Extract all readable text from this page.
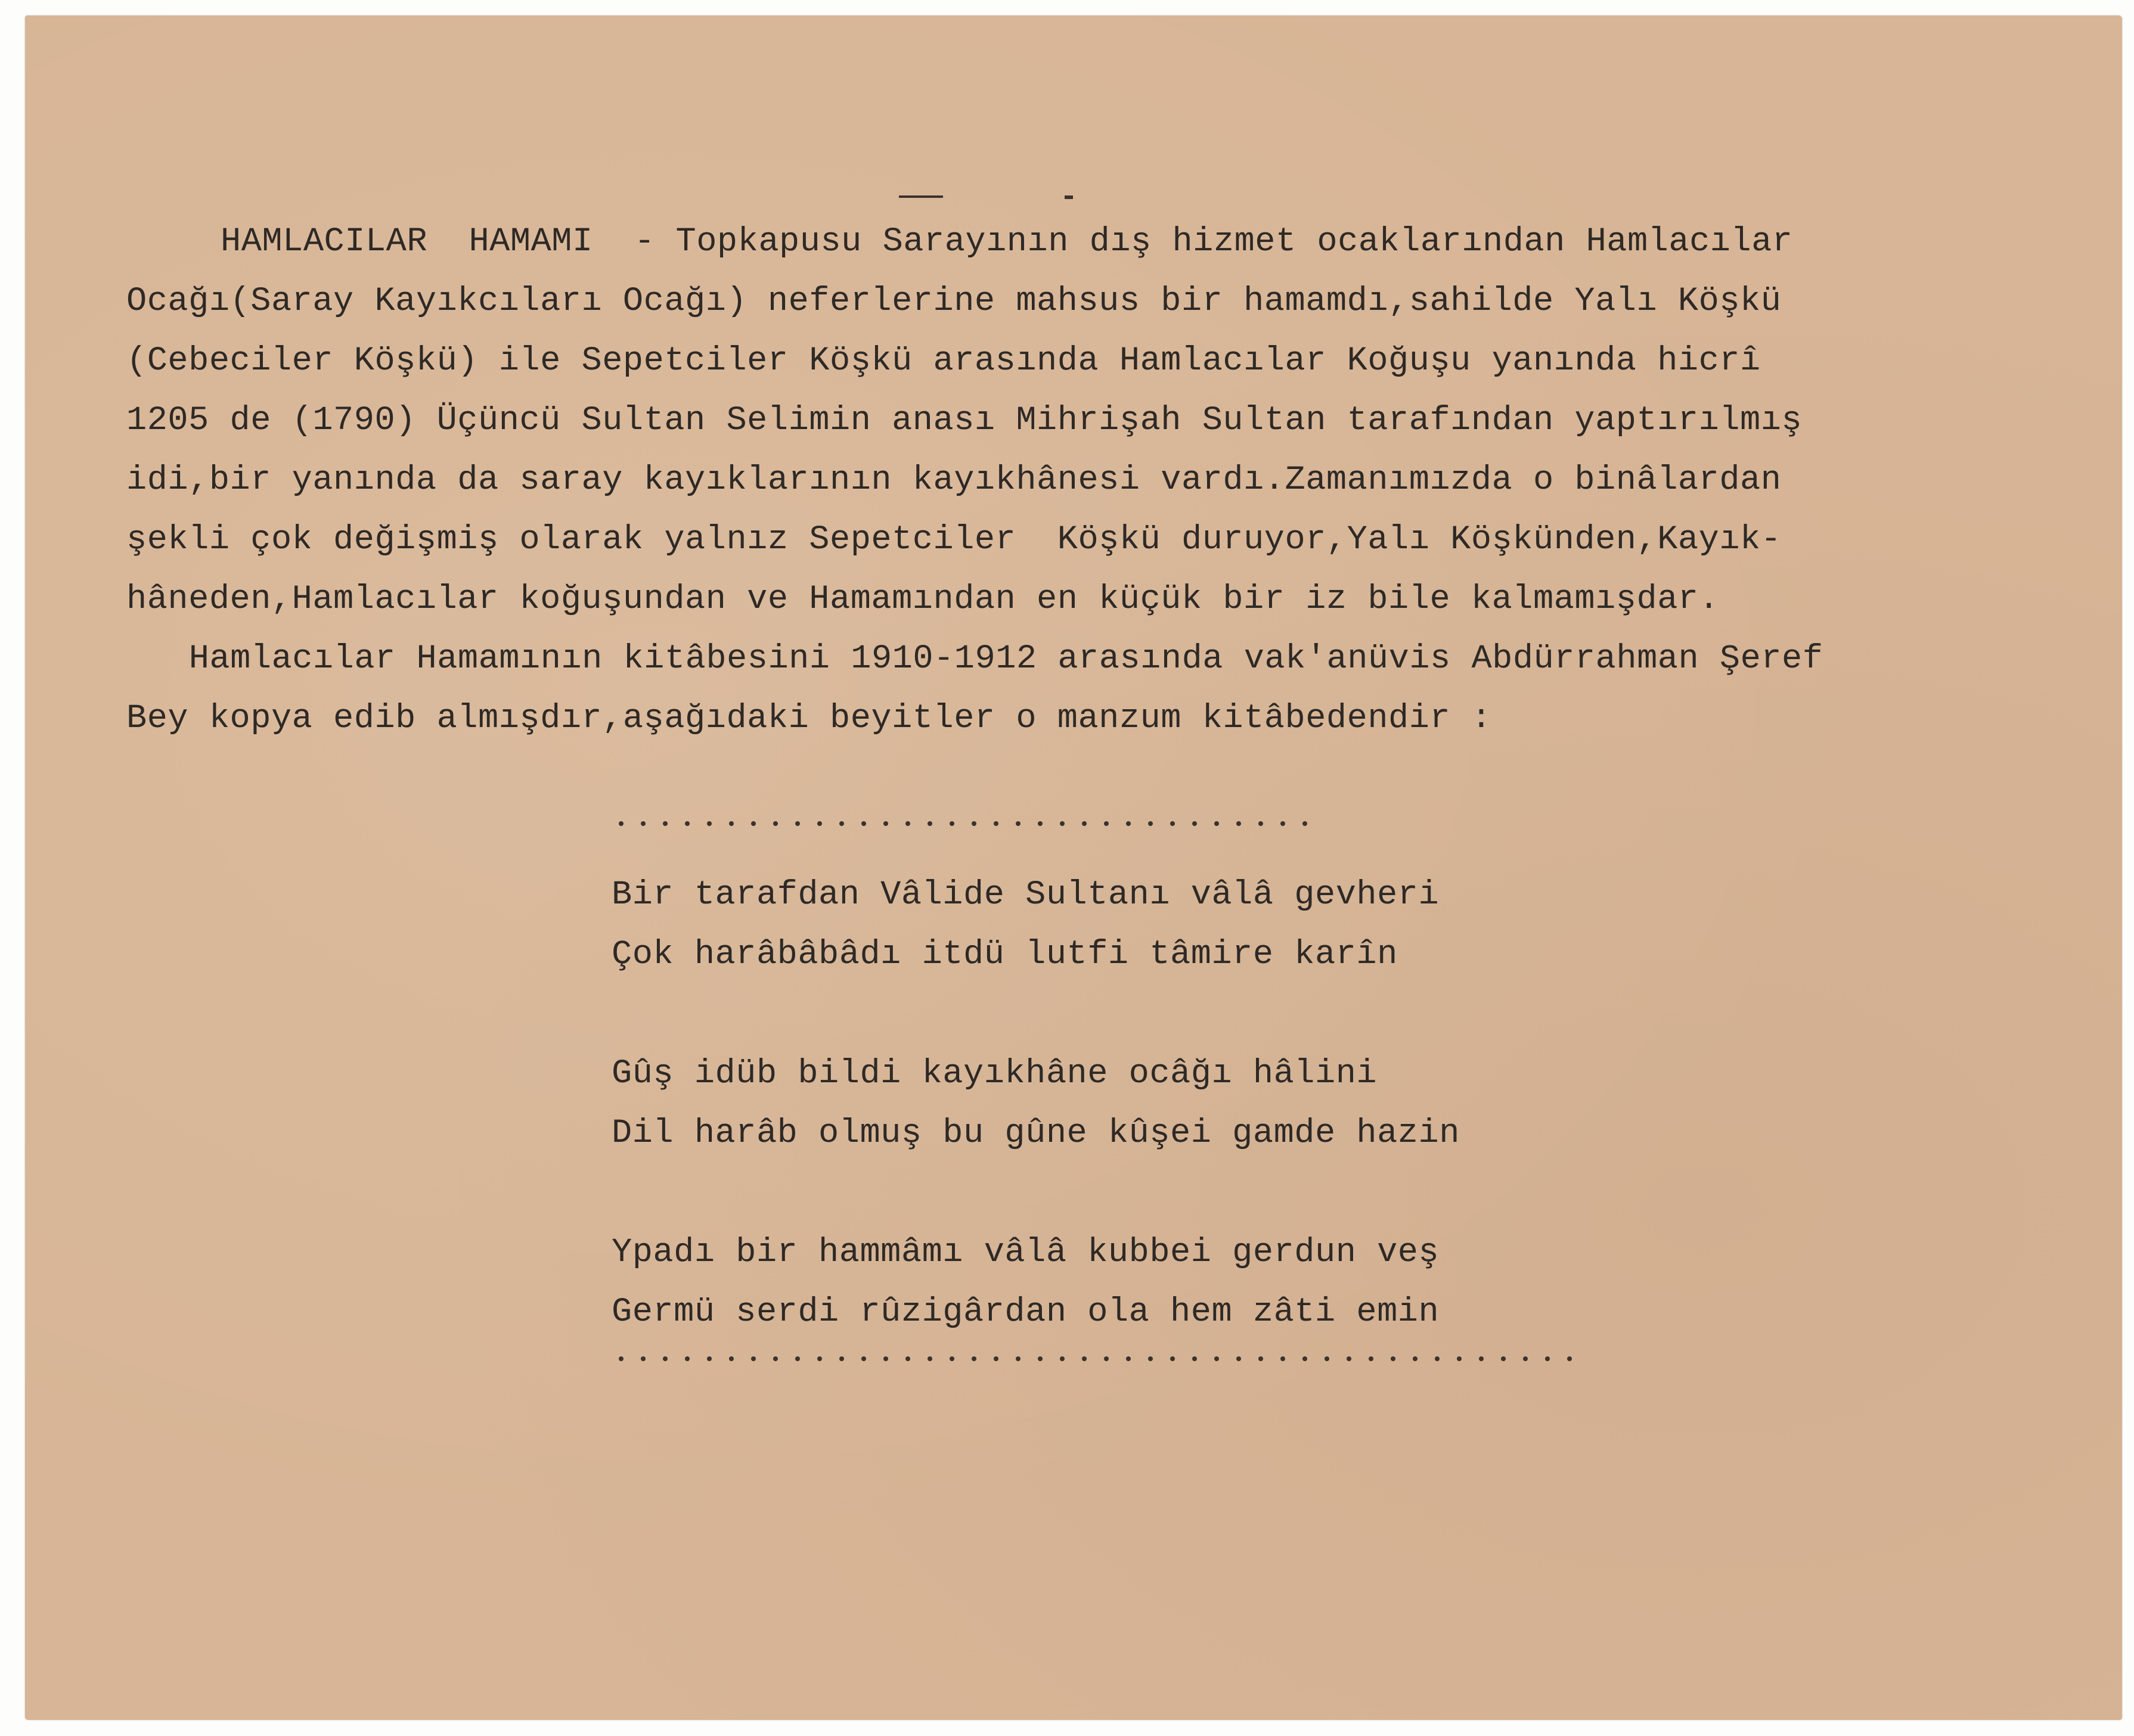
HAMLACILAR  HAMAMI  - Topkapusu Sarayının dış hizmet ocaklarından Hamlacılar

Ocağı(Saray Kayıkcıları Ocağı) neferlerine mahsus bir hamamdı,sahilde Yalı Köşkü

(Cebeciler Köşkü) ile Sepetciler Köşkü arasında Hamlacılar Koğuşu yanında hicrî

1205 de (1790) Üçüncü Sultan Selimin anası Mihrişah Sultan tarafından yaptırılmış

idi,bir yanında da saray kayıklarının kayıkhânesi vardı.Zamanımızda o binâlardan

şekli çok değişmiş olarak yalnız Sepetciler  Köşkü duruyor,Yalı Köşkünden,Kayık-

hâneden,Hamlacılar koğuşundan ve Hamamından en küçük bir iz bile kalmamışdar.

Hamlacılar Hamamının kitâbesini 1910-1912 arasında vak'anüvis Abdürrahman Şeref

Bey kopya edib almışdır,aşağıdaki beyitler o manzum kitâbedendir :

Bir tarafdan Vâlide Sultanı vâlâ gevheri

Çok harâbâbâdı itdü lutfi tâmire karîn

Gûş idüb bildi kayıkhâne ocâğı hâlini

Dil harâb olmuş bu gûne kûşei gamde hazin

Ypadı bir hammâmı vâlâ kubbei gerdun veş

Germü serdi rûzigârdan ola hem zâti emin
